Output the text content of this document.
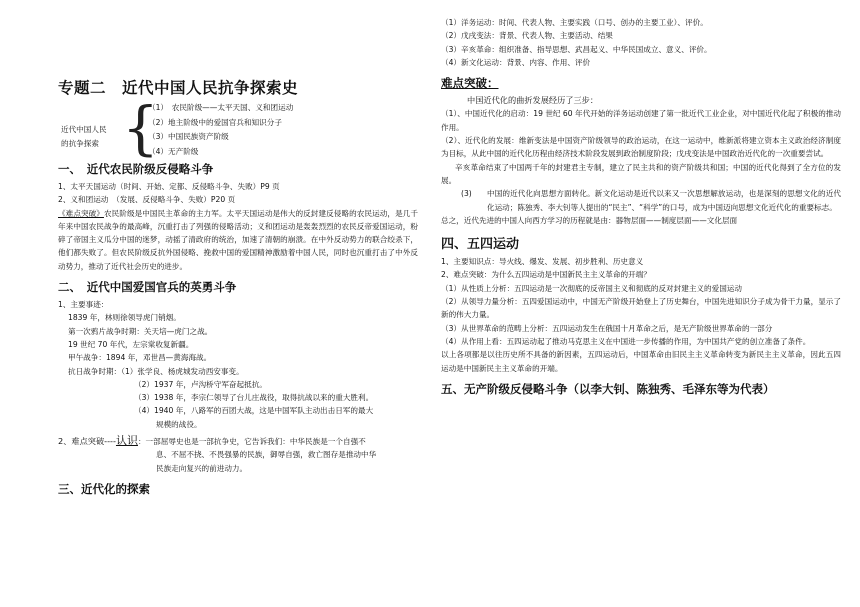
专题二　近代中国人民抗争探索史
近代中国人民
的抗争探索 {
（1）　农民阶级——太平天国、义和团运动
（2）地主阶级中的爱国官兵和知识分子
（3）中国民族资产阶级
（4）无产阶级
一、　近代农民阶级反侵略斗争
1、太平天国运动（时间、开始、定都、反侵略斗争、失败）P9 页
2、义和团运动　（发展、反侵略斗争、失败）P20 页
《难点突破》农民阶级是中国民主革命的主力军。太平天国运动是伟大的反封建反侵略的农民运动，是几千年来中国农民战争的最高峰，沉重打击了列强的侵略活动；义和团运动是轰轰烈烈的农民反帝爱国运动，粉碎了帝国主义瓜分中国的迷梦，动摇了清政府的统治，加速了清朝的崩溃。在中外反动势力的联合绞杀下，他们都失败了。但农民阶级反抗外国侵略、挽救中国的爱国精神激励着中国人民，同时也沉重打击了中外反动势力，推动了近代社会历史的进步。
二、　近代中国爱国官兵的英勇斗争
1、主要事迹：
1839 年，林则徐领导虎门销烟。
第一次鸦片战争时期：关天培—虎门之战。
19 世纪 70 年代，左宗棠收复新疆。
甲午战争：1894 年，邓世昌—黄海海战。
抗日战争时期：（1）张学良、杨虎城发动西安事变。
（2）1937 年，卢沟桥守军奋起抵抗。
（3）1938 年，李宗仁领导了台儿庄战役，取得抗战以来的重大胜利。
（4）1940 年，八路军的百团大战，这是中国军队主动出击日军的最大
规模的战役。
2、难点突破----认识：一部屈辱史也是一部抗争史，它告诉我们：中华民族是一个自强不
息、不屈不挠、不畏强暴的民族，御辱自强，救亡图存是推动中华
民族走向复兴的前进动力。
三、近代化的探索
（1）洋务运动：时间、代表人物、主要实践（口号、创办的主要工业）、评价。
（2）戊戌变法：背景、代表人物、主要活动、结果
（3）辛亥革命：组织准备、指导思想、武昌起义、中华民国成立、意义、评价。
（4）新文化运动：背景、内容、作用、评价
难点突破：
中国近代化的曲折发展经历了三步：
（1）、中国近代化的启动：19 世纪 60 年代开始的洋务运动创建了第一批近代工业企业，对中国近代化起了积极的推动作用。
（2）、近代化的发展：维新变法是中国资产阶级领导的政治运动，在这一运动中，维新派将建立资本主义政治经济制度为目标，从此中国的近代化历程由经济技术阶段发展到政治制度阶段；戊戌变法是中国政治近代化的一次重要尝试。
辛亥革命结束了中国两千年的封建君主专制，建立了民主共和的资产阶级共和国；中国的近代化得到了全方位的发展。
(3) 中国的近代化向思想方面转化。新文化运动是近代以来又一次思想解放运动，也是深刻的思想文化的近代化运动；陈独秀、李大钊等人提出的“民主”、“科学”的口号，成为中国迈向思想文化近代化的重要标志。
总之，近代先进的中国人向西方学习的历程就是由：器物层面——制度层面——文化层面
四、五四运动
1、主要知识点：导火线、爆发、发展、初步胜利、历史意义
2、难点突破：为什么五四运动是中国新民主主义革命的开端？
（1）从性质上分析：五四运动是一次彻底的反帝国主义和彻底的反对封建主义的爱国运动
（2）从领导力量分析：五四爱国运动中，中国无产阶级开始登上了历史舞台，中国先进知识分子成为骨干力量，显示了新的伟大力量。
（3）从世界革命的范畴上分析：五四运动发生在俄国十月革命之后，是无产阶级世界革命的一部分
（4）从作用上看：五四运动起了推动马克思主义在中国进一步传播的作用，为中国共产党的创立准备了条件。
以上各项都是以往历史所不具备的新因素，五四运动后，中国革命由旧民主主义革命转变为新民主主义革命，因此五四运动是中国新民主主义革命的开端。
五、无产阶级反侵略斗争（以李大钊、陈独秀、毛泽东等为代表）
